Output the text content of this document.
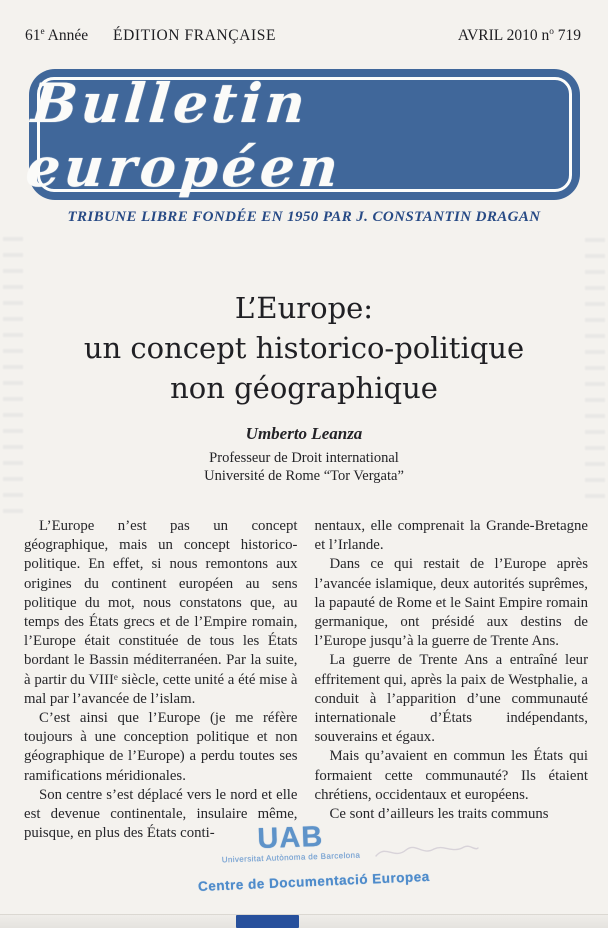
61e Année ÉDITION FRANÇAISE	AVRIL 2010 $n^o$ 719
Bulletin européen
TRIBUNE LIBRE FONDÉE EN 1950 PAR J. CONSTANTIN DRAGAN
L’Europe:
un concept historico-politique
non géographique
Umberto Leanza
Professeur de Droit international
Université de Rome “Tor Vergata”

L’Europe n’est pas un concept géographique, mais un concept historico-politique. En effet, si nous remontons aux origines du continent européen au sens politique du mot, nous constatons que, au temps des États grecs et de l’Empire romain, l’Europe était constituée de tous les États bordant le Bassin méditerranéen. Par la suite, à partir du VIIIᵉ siècle, cette unité a été mise à mal par l’avancée de l’islam.

C’est ainsi que l’Europe (je me réfère toujours à une conception politique et non géographique de l’Europe) a perdu toutes ses ramifications méridionales.

Son centre s’est déplacé vers le nord et elle est devenue continentale, insulaire même, puisque, en plus des États conti-

nentaux, elle comprenait la Grande-Bretagne et l’Irlande.

Dans ce qui restait de l’Europe après l’avancée islamique, deux autorités suprêmes, la papauté de Rome et le Saint Empire romain germanique, ont présidé aux destins de l’Europe jusqu’à la guerre de Trente Ans.

La guerre de Trente Ans a entraîné leur effritement qui, après la paix de Westphalie, a conduit à l’apparition d’une communauté internationale d’États indépendants, souverains et égaux.

Mais qu’avaient en commun les États qui formaient cette communauté? Ils étaient chrétiens, occidentaux et européens.

Ce sont d’ailleurs les traits communs

UAB
Universitat Autònoma de Barcelona
Centre de Documentació Europea
